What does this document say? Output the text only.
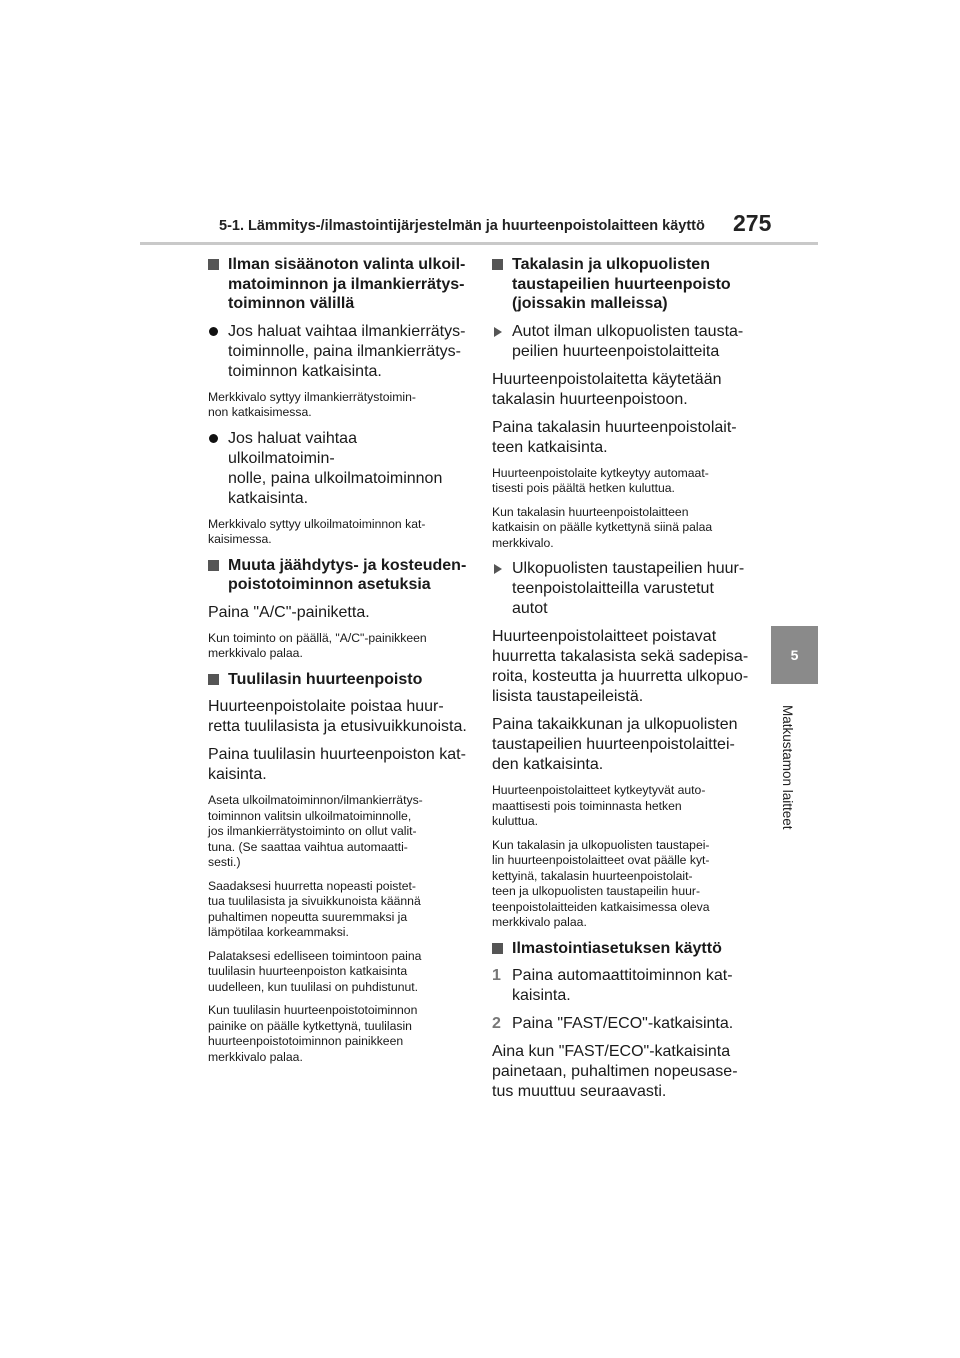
5-1. Lämmitys-/ilmastointijärjestelmän ja huurteenpoistolaitteen käyttö 275
5
Matkustamon laitteet
Ilman sisäänoton valinta ulkoil-
matoiminnon ja ilmankierrätys-
toiminnon välillä
Jos haluat vaihtaa ilmankierrätys-
toiminnolle, paina ilmankierrätys-
toiminnon katkaisinta.
Merkkivalo syttyy ilmankierrätystoimin-
non katkaisimessa.
Jos haluat vaihtaa ulkoilmatoimin-
nolle, paina ulkoilmatoiminnon
katkaisinta.
Merkkivalo syttyy ulkoilmatoiminnon kat-
kaisimessa.
Muuta jäähdytys- ja kosteuden-
poistotoiminnon asetuksia
Paina "A/C"-painiketta.
Kun toiminto on päällä, "A/C"-painikkeen
merkkivalo palaa.
Tuulilasin huurteenpoisto
Huurteenpoistolaite poistaa huur-
retta tuulilasista ja etusivuikkunoista.
Paina tuulilasin huurteenpoiston kat-
kaisinta.
Aseta ulkoilmatoiminnon/ilmankierrätys-
toiminnon valitsin ulkoilmatoiminnolle,
jos ilmankierrätystoiminto on ollut valit-
tuna. (Se saattaa vaihtua automaatti-
sesti.)
Saadaksesi huurretta nopeasti poistet-
tua tuulilasista ja sivuikkunoista käännä
puhaltimen nopeutta suuremmaksi ja
lämpötilaa korkeammaksi.
Palataksesi edelliseen toimintoon paina
tuulilasin huurteenpoiston katkaisinta
uudelleen, kun tuulilasi on puhdistunut.
Kun tuulilasin huurteenpoistotoiminnon
painike on päälle kytkettynä, tuulilasin
huurteenpoistotoiminnon painikkeen
merkkivalo palaa.
Takalasin ja ulkopuolisten
taustapeilien huurteenpoisto
(joissakin malleissa)
Autot ilman ulkopuolisten tausta-
peilien huurteenpoistolaitteita
Huurteenpoistolaitetta käytetään
takalasin huurteenpoistoon.
Paina takalasin huurteenpoistolait-
teen katkaisinta.
Huurteenpoistolaite kytkeytyy automaat-
tisesti pois päältä hetken kuluttua.
Kun takalasin huurteenpoistolaitteen
katkaisin on päälle kytkettynä siinä palaa
merkkivalo.
Ulkopuolisten taustapeilien huur-
teenpoistolaitteilla varustetut
autot
Huurteenpoistolaitteet poistavat
huurretta takalasista sekä sadepisa-
roita, kosteutta ja huurretta ulkopuo-
lisista taustapeileistä.
Paina takaikkunan ja ulkopuolisten
taustapeilien huurteenpoistolaittei-
den katkaisinta.
Huurteenpoistolaitteet kytkeytyvät auto-
maattisesti pois toiminnasta hetken
kuluttua.
Kun takalasin ja ulkopuolisten taustapei-
lin huurteenpoistolaitteet ovat päälle kyt-
kettyinä, takalasin huurteenpoistolait-
teen ja ulkopuolisten taustapeilin huur-
teenpoistolaitteiden katkaisimessa oleva
merkkivalo palaa.
Ilmastointiasetuksen käyttö
1 Paina automaattitoiminnon kat-
kaisinta.
2 Paina "FAST/ECO"-katkaisinta.
Aina kun "FAST/ECO"-katkaisinta
painetaan, puhaltimen nopeusase-
tus muuttuu seuraavasti.
